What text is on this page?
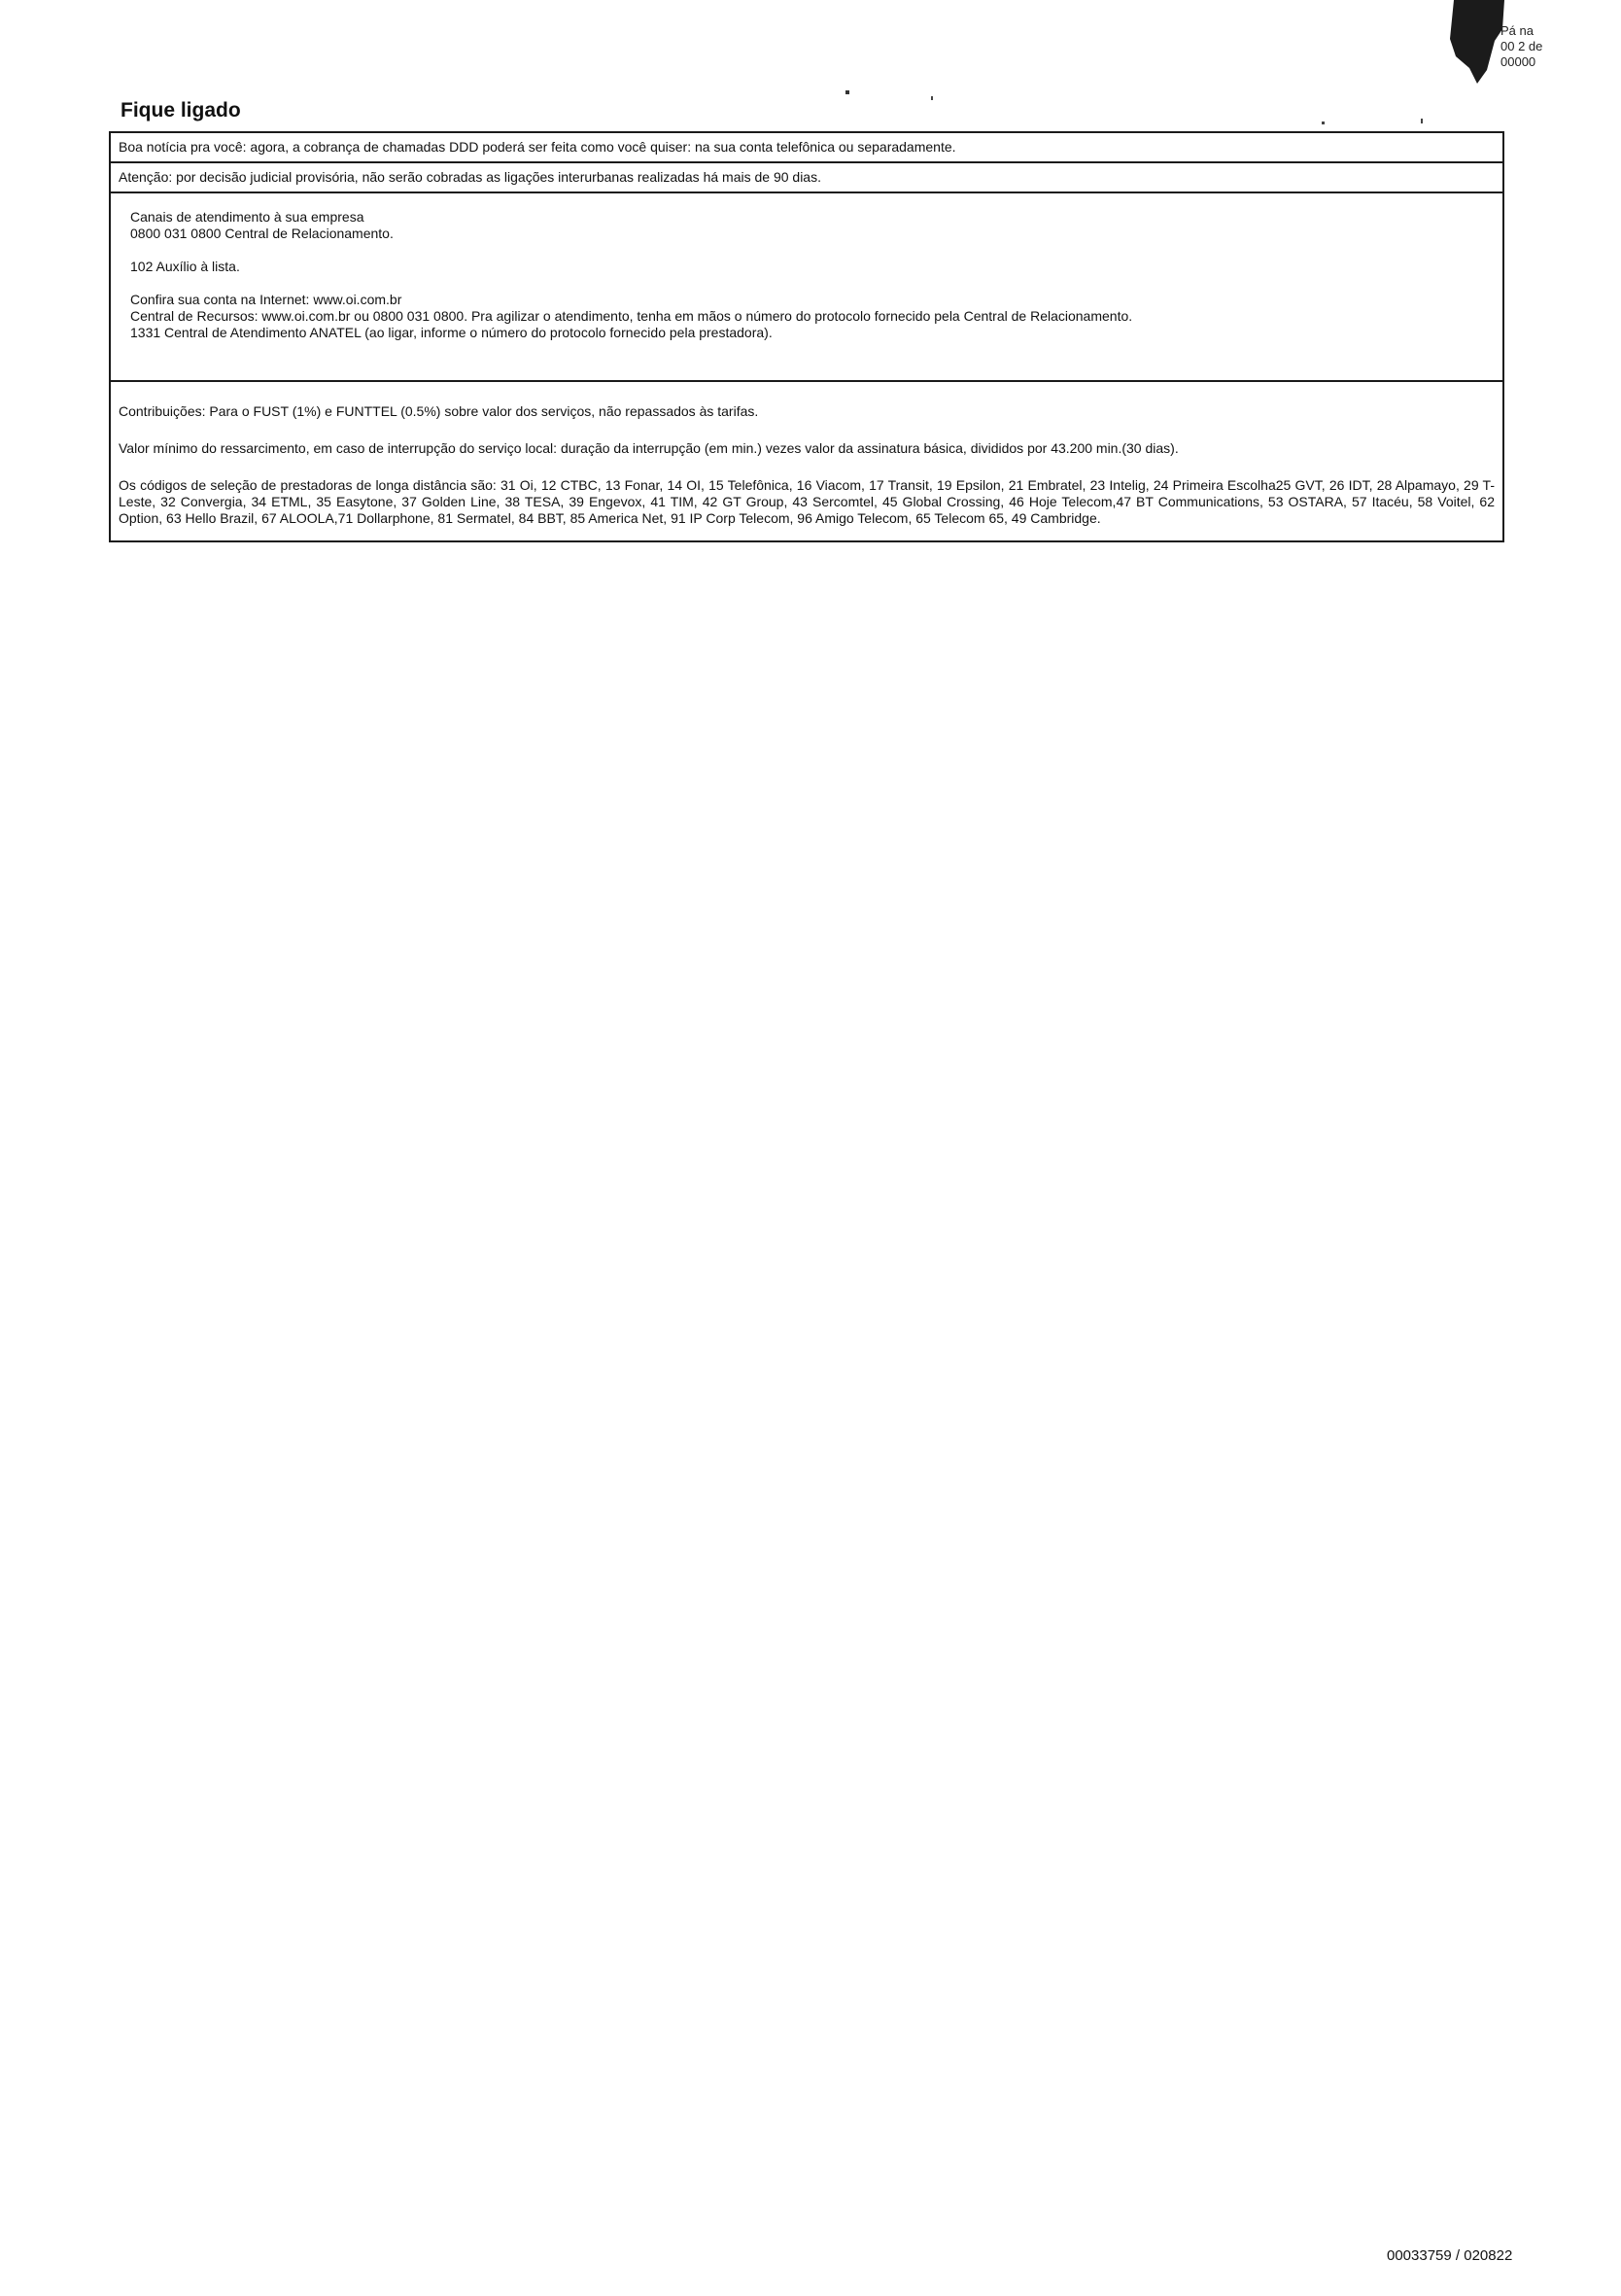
Pá na
00 2 de
00000
Fique ligado
Boa notícia pra você: agora, a cobrança de chamadas DDD poderá ser feita como você quiser: na sua conta telefônica ou separadamente.
Atenção: por decisão judicial provisória, não serão cobradas as ligações interurbanas realizadas há mais de 90 dias.
Canais de atendimento à sua empresa
0800 031 0800 Central de Relacionamento.
102 Auxílio à lista.
Confira sua conta na Internet: www.oi.com.br
Central de Recursos: www.oi.com.br ou 0800 031 0800. Pra agilizar o atendimento, tenha em mãos o número do protocolo fornecido pela Central de Relacionamento.
1331 Central de Atendimento ANATEL (ao ligar, informe o número do protocolo fornecido pela prestadora).
Contribuições: Para o FUST (1%) e FUNTTEL (0.5%) sobre valor dos serviços, não repassados às tarifas.
Valor mínimo do ressarcimento, em caso de interrupção do serviço local: duração da interrupção (em min.) vezes valor da assinatura básica, divididos por 43.200 min.(30 dias).
Os códigos de seleção de prestadoras de longa distância são: 31 Oi, 12 CTBC, 13 Fonar, 14 OI, 15 Telefônica, 16 Viacom, 17 Transit, 19 Epsilon, 21 Embratel, 23 Intelig, 24 Primeira Escolha25 GVT, 26 IDT, 28 Alpamayo, 29 T-Leste, 32 Convergia, 34 ETML, 35 Easytone, 37 Golden Line, 38 TESA, 39 Engevox, 41 TIM, 42 GT Group, 43 Sercomtel, 45 Global Crossing, 46 Hoje Telecom,47 BT Communications, 53 OSTARA, 57 Itacéu, 58 Voitel, 62 Option, 63 Hello Brazil, 67 ALOOLA,71 Dollarphone, 81 Sermatel, 84 BBT, 85 America Net, 91 IP Corp Telecom, 96 Amigo Telecom, 65 Telecom 65, 49 Cambridge.
00033759 / 020822
